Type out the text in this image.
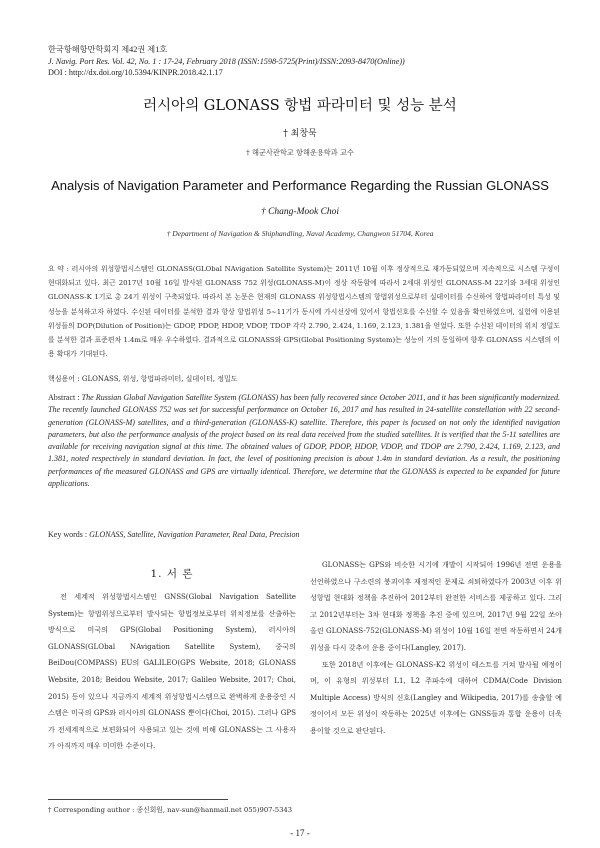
한국항해항만학회지 제42권 제1호
J. Navig. Port Res. Vol. 42, No. 1 : 17-24, February 2018 (ISSN:1598-5725(Print)/ISSN:2093-8470(Online))
DOI : http://dx.doi.org/10.5394/KINPR.2018.42.1.17
러시아의 GLONASS 항법 파라미터 및 성능 분석
† 최창묵
† 해군사관학교 항해운용학과 교수
Analysis of Navigation Parameter and Performance Regarding the Russian GLONASS
† Chang-Mook Choi
† Department of Navigation & Shiphandling, Naval Academy, Changwon 51704, Korea
요 약 : 러시아의 위성항법시스템인 GLONASS(GLObal NAvigation Satellite System)는 2011년 10월 이후 정상적으로 재가동되었으며 지속적으로 시스템 구성이 현대화되고 있다. 최근 2017년 10월 16일 발사된 GLONASS 752 위성(GLONASS-M)이 정상 작동함에 따라서 2세대 위성인 GLONASS-M 22기와 3세대 위성인 GLONASS-K 1기로 총 24기 위성이 구축되었다. 따라서 본 논문은 현재의 GLONASS 위성항법시스템의 항법위성으로부터 실데이터를 수신하여 항법파라미터 특성 및 성능을 분석하고자 하였다. 수신된 데이터를 분석한 결과 항상 항법위성 5~11기가 동시에 가시선상에 있어서 항법신호를 수신할 수 있음을 확인하였으며, 실험에 이용된 위성들의 DOP(Dilution of Position)는 GDOP, PDOP, HDOP, VDOP, TDOP 각각 2.790, 2.424, 1.169, 2.123, 1.381을 얻었다. 또한 수신된 데이터의 위치 정밀도를 분석한 결과 표준편차 1.4m로 매우 우수하였다. 결과적으로 GLONASS와 GPS(Global Positioning System)는 성능이 거의 동일하며 향후 GLONASS 시스템의 이용 확대가 기대된다.
핵심용어 : GLONASS, 위성, 항법파라미터, 실데이터, 정밀도
Abstract : The Russian Global Navigation Satellite System (GLONASS) has been fully recovered since October 2011, and it has been significantly modernized. The recently launched GLONASS 752 was set for successful performance on October 16, 2017 and has resulted in 24-satellite constellation with 22 second-generation (GLONASS-M) satellites, and a third-generation (GLONASS-K) satellite. Therefore, this paper is focused on not only the identified navigation parameters, but also the performance analysis of the project based on its real data received from the studied satellites. It is verified that the 5-11 satellites are available for receiving navigation signal at this time. The obtained values of GDOP, PDOP, HDOP, VDOP, and TDOP are 2.790, 2.424, 1.169, 2.123, and 1.381, noted respectively in standard deviation. In fact, the level of positioning precision is about 1.4m in standard deviation. As a result, the positioning performances of the measured GLONASS and GPS are virtually identical. Therefore, we determine that the GLONASS is expected to be expanded for future applications.
Key words : GLONASS, Satellite, Navigation Parameter, Real Data, Precision
1. 서 론

전 세계적 위성항법시스템인 GNSS(Global Navigation Satellite System)는 항법위성으로부터 발사되는 항법정보로부터 위치정보를 산출하는 방식으로 미국의 GPS(Global Positioning System), 러시아의 GLONASS(GLObal NAvigation Satellite System), 중국의 BeiDou(COMPASS) EU의 GALILEO(GPS Website, 2018; GLONASS Website, 2018; Beidou Website, 2017; Galileo Website, 2017; Choi, 2015) 등이 있으나 지금까지 세계적 위성항법시스템으로 완벽하게 운용중인 시스템은 미국의 GPS와 러시아의 GLONASS 뿐이다(Choi, 2015). 그러나 GPS가 전세계적으로 보편화되어 사용되고 있는 것에 비해 GLONASS는 그 사용자가 아직까지 매우 미미한 수준이다.

GLONASS는 GPS와 비슷한 시기에 개발이 시작되어 1996년 전면 운용을 선언하였으나 구소련의 붕괴이후 재정적인 문제로 쇠퇴하였다가 2003년 이후 위성항법 현대화 정책을 추진하여 2012부터 완전한 서비스를 제공하고 있다. 그리고 2012년부터는 3차 현대화 정책을 추진 중에 있으며, 2017년 9월 22일 쏘아 올린 GLONASS-752(GLONASS-M) 위성이 10월 16일 전면 작동하면서 24개 위성을 다시 갖추어 운용 중이다(Langley, 2017).

또한 2018년 이후에는 GLONASS-K2 위성이 테스트를 거쳐 발사될 예정이며, 이 유형의 위성부터 L1, L2 주파수에 대하여 CDMA(Code Division Multiple Access) 방식의 신호(Langley and Wikipedia, 2017)를 송출할 예정이어서 모든 위성이 작동하는 2025년 이후에는 GNSS들과 통합 운용이 더욱 용이할 것으로 판단된다.

† Corresponding author : 종신회원, nav-sun@hanmail.net 055)907-5343
- 17 -
